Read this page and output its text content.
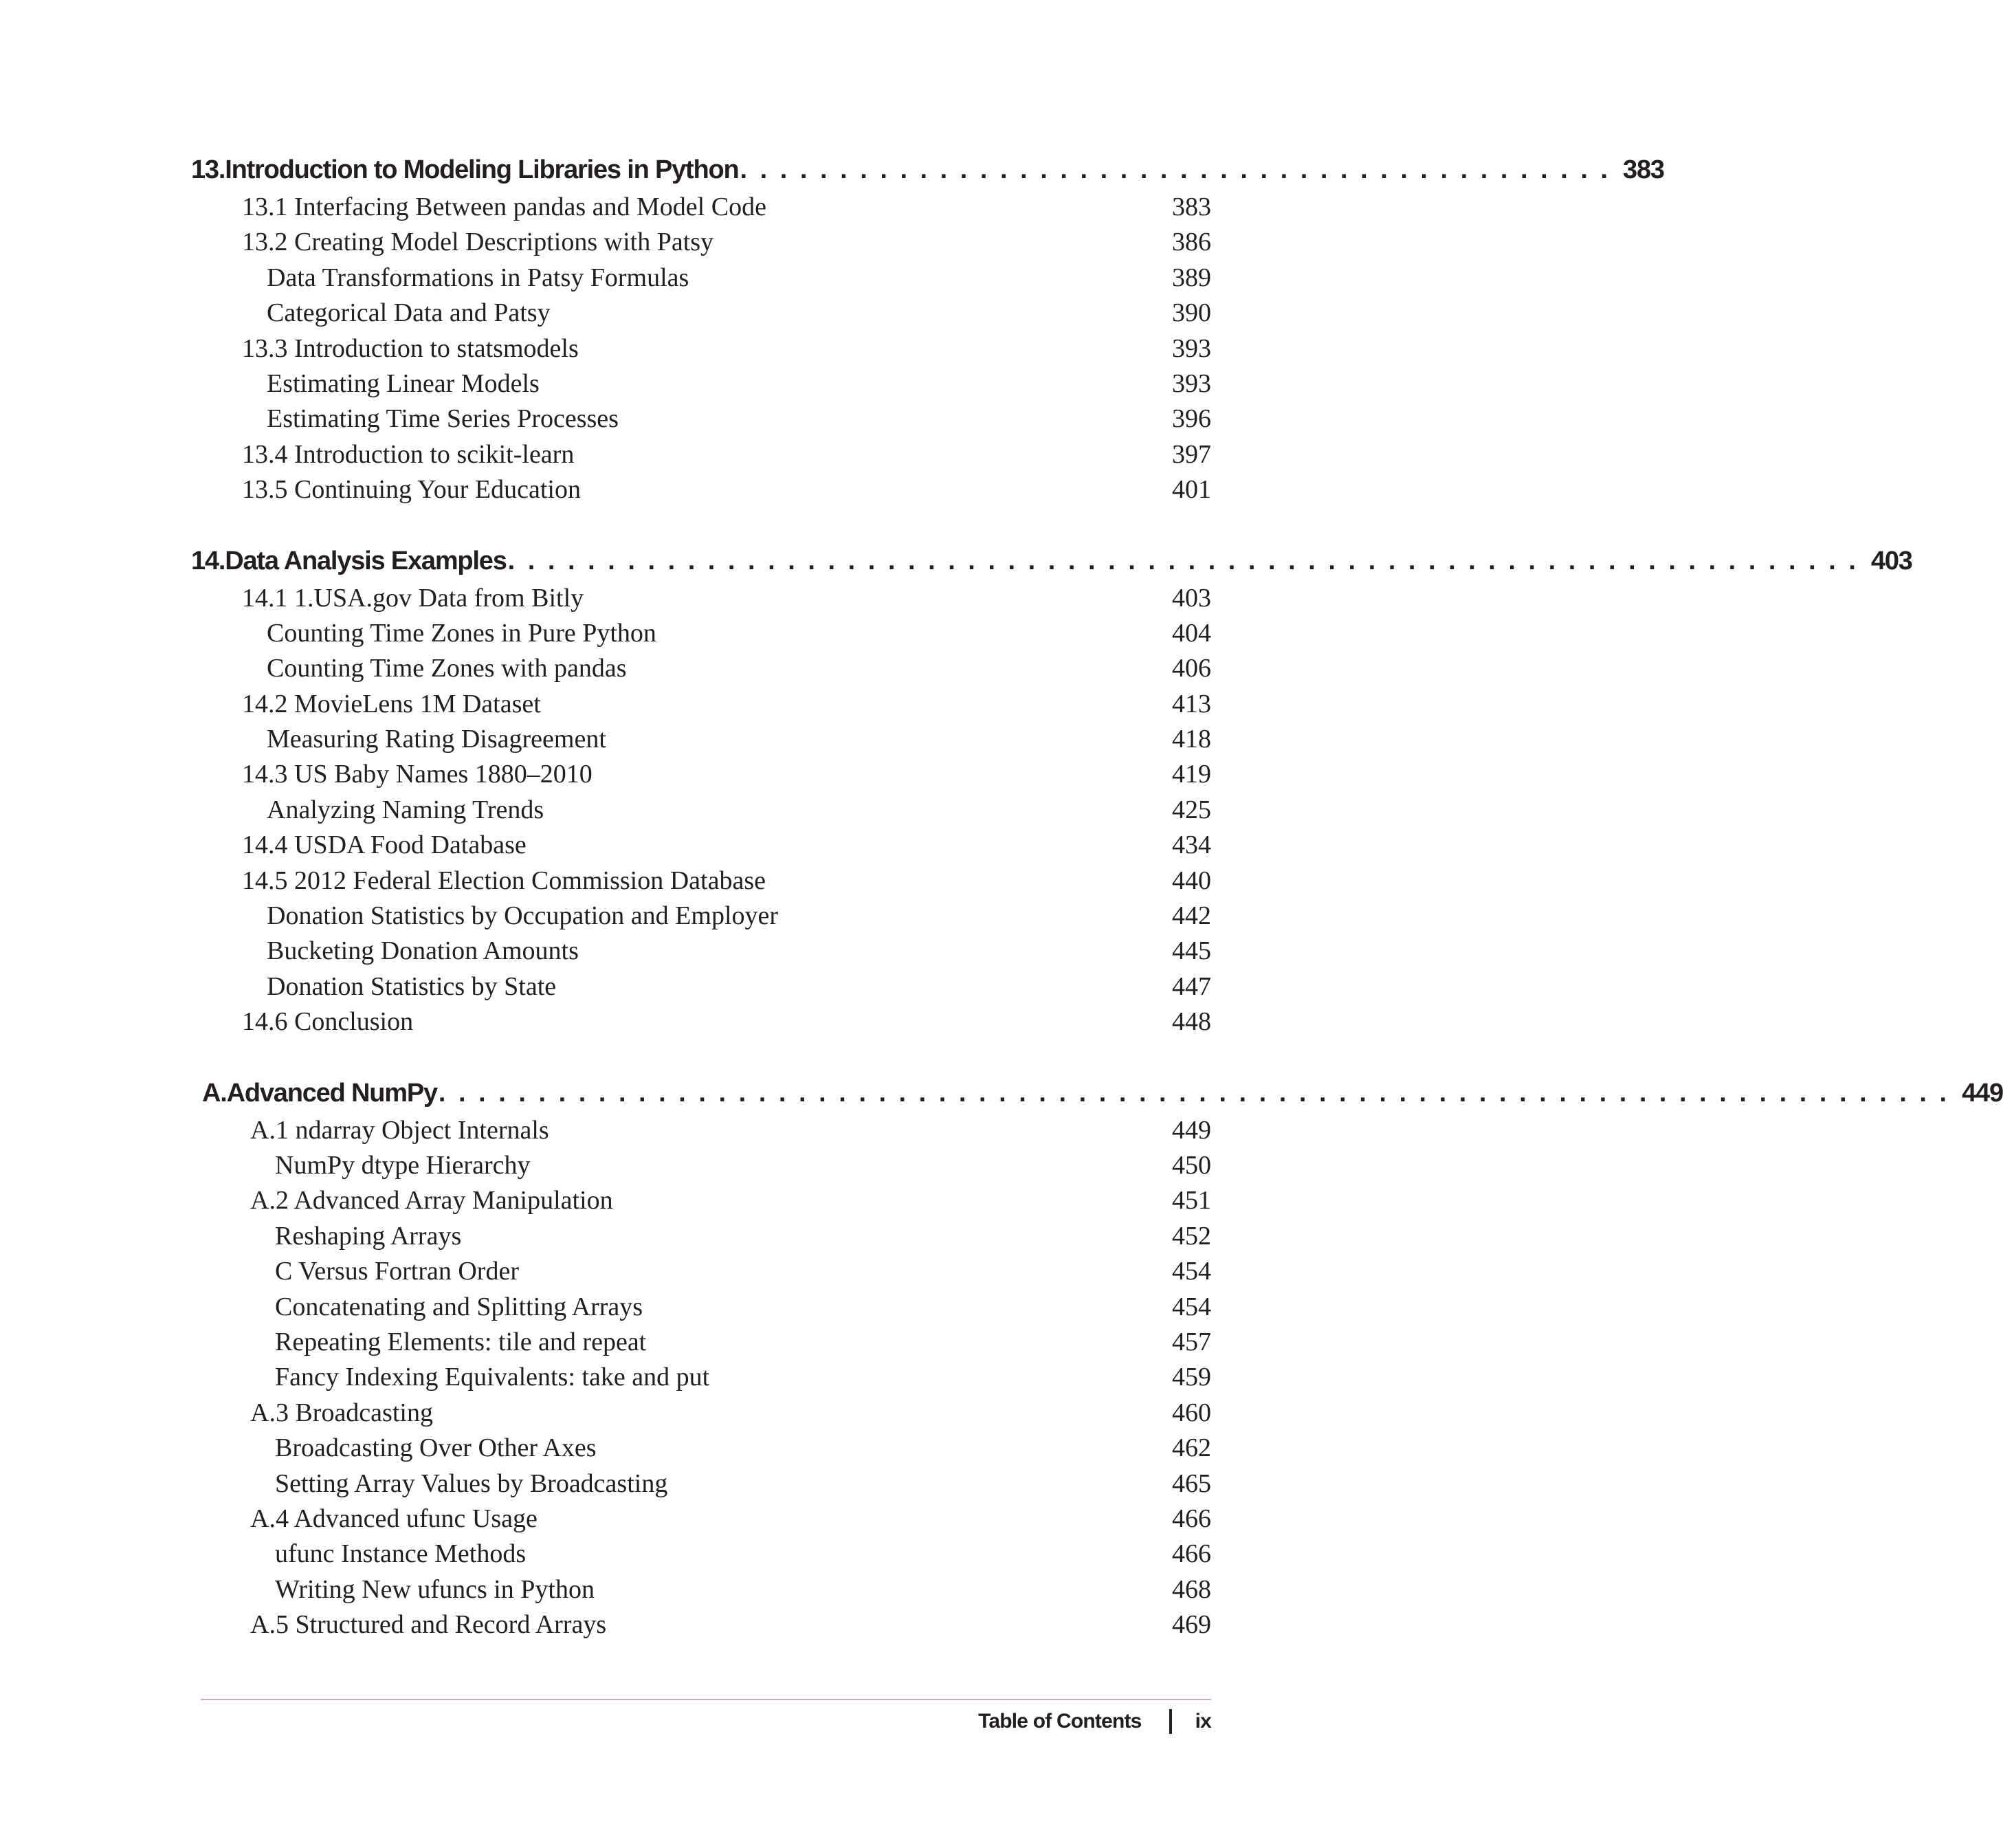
13. Introduction to Modeling Libraries in Python . . . . . . . . . . . . . . . . . . . . . . . . . . . . . . . . . . . . . . . . . . . . 383
13.1 Interfacing Between pandas and Model Code	383
13.2 Creating Model Descriptions with Patsy	386
Data Transformations in Patsy Formulas	389
Categorical Data and Patsy	390
13.3 Introduction to statsmodels	393
Estimating Linear Models	393
Estimating Time Series Processes	396
13.4 Introduction to scikit-learn	397
13.5 Continuing Your Education	401
14. Data Analysis Examples . . . . . . . . . . . . . . . . . . . . . . . . . . . . . . . . . . . . . . . . . . . . . . . . . . . . . . . . . . . . . . . . . . . . 403
14.1 1.USA.gov Data from Bitly	403
Counting Time Zones in Pure Python	404
Counting Time Zones with pandas	406
14.2 MovieLens 1M Dataset	413
Measuring Rating Disagreement	418
14.3 US Baby Names 1880–2010	419
Analyzing Naming Trends	425
14.4 USDA Food Database	434
14.5 2012 Federal Election Commission Database	440
Donation Statistics by Occupation and Employer	442
Bucketing Donation Amounts	445
Donation Statistics by State	447
14.6 Conclusion	448
A. Advanced NumPy . . . . . . . . . . . . . . . . . . . . . . . . . . . . . . . . . . . . . . . . . . . . . . . . . . . . . . . . . . . . . . . . . . . . . . . . . . . . 449
A.1 ndarray Object Internals	449
NumPy dtype Hierarchy	450
A.2 Advanced Array Manipulation	451
Reshaping Arrays	452
C Versus Fortran Order	454
Concatenating and Splitting Arrays	454
Repeating Elements: tile and repeat	457
Fancy Indexing Equivalents: take and put	459
A.3 Broadcasting	460
Broadcasting Over Other Axes	462
Setting Array Values by Broadcasting	465
A.4 Advanced ufunc Usage	466
ufunc Instance Methods	466
Writing New ufuncs in Python	468
A.5 Structured and Record Arrays	469
Table of Contents	ix
